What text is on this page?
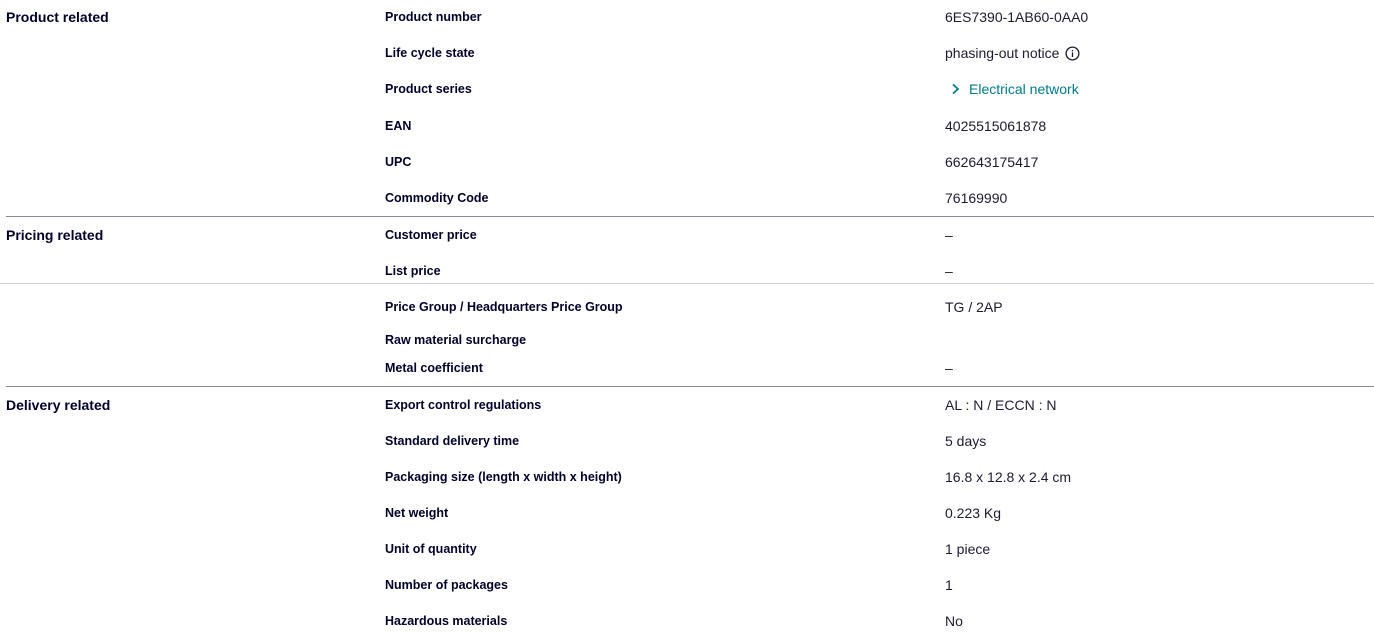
Product related	Product number	6ES7390-1AB60-0AA0
Life cycle state	phasing-out notice
Product series	Electrical network
EAN	4025515061878
UPC	662643175417
Commodity Code	76169990
Pricing related	Customer price	–
List price	–
Price Group / Headquarters Price Group	TG / 2AP
Raw material surcharge
Metal coefficient	–
Delivery related	Export control regulations	AL : N / ECCN : N
Standard delivery time	5 days
Packaging size (length x width x height)	16.8 x 12.8 x 2.4 cm
Net weight	0.223 Kg
Unit of quantity	1 piece
Number of packages	1
Hazardous materials	No
